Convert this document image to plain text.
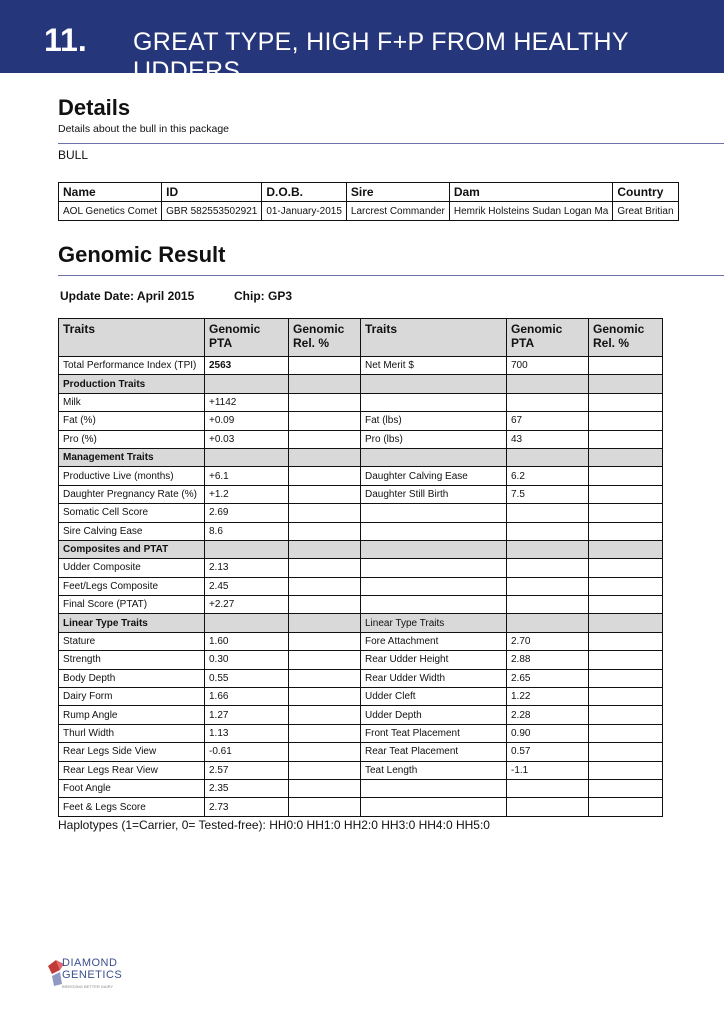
11. GREAT TYPE, HIGH F+P FROM HEALTHY UDDERS
Details
Details about the bull in this package
BULL
Name	ID	D.O.B.	Sire	Dam	Country
AOL Genetics Comet	GBR 582553502921	01-January-2015	Larcrest Commander	Hemrik Holsteins Sudan Logan Ma	Great Britian
Genomic Result
Update Date: April 2015	Chip: GP3
Traits	Genomic PTA	Genomic Rel. %	Traits	Genomic PTA	Genomic Rel. %
Total Performance Index (TPI)	2563		Net Merit $	700	
Production Traits					
Milk	+1142				
Fat (%)	+0.09		Fat (lbs)	67	
Pro (%)	+0.03		Pro (lbs)	43	
Management Traits					
Productive Live (months)	+6.1		Daughter Calving Ease	6.2	
Daughter Pregnancy Rate (%)	+1.2		Daughter Still Birth	7.5	
Somatic Cell Score	2.69				
Sire Calving Ease	8.6				
Composites and PTAT					
Udder Composite	2.13				
Feet/Legs Composite	2.45				
Final Score (PTAT)	+2.27				
Linear Type Traits			Linear Type Traits		
Stature	1.60		Fore Attachment	2.70	
Strength	0.30		Rear Udder Height	2.88	
Body Depth	0.55		Rear Udder Width	2.65	
Dairy Form	1.66		Udder Cleft	1.22	
Rump Angle	1.27		Udder Depth	2.28	
Thurl Width	1.13		Front Teat Placement	0.90	
Rear Legs Side View	-0.61		Rear Teat Placement	0.57	
Rear Legs Rear View	2.57		Teat Length	-1.1	
Foot Angle	2.35				
Feet & Legs Score	2.73				
Haplotypes (1=Carrier, 0= Tested-free): HH0:0 HH1:0 HH2:0 HH3:0 HH4:0 HH5:0
DIAMOND
GENETICS
BREEDING BETTER DAIRY
